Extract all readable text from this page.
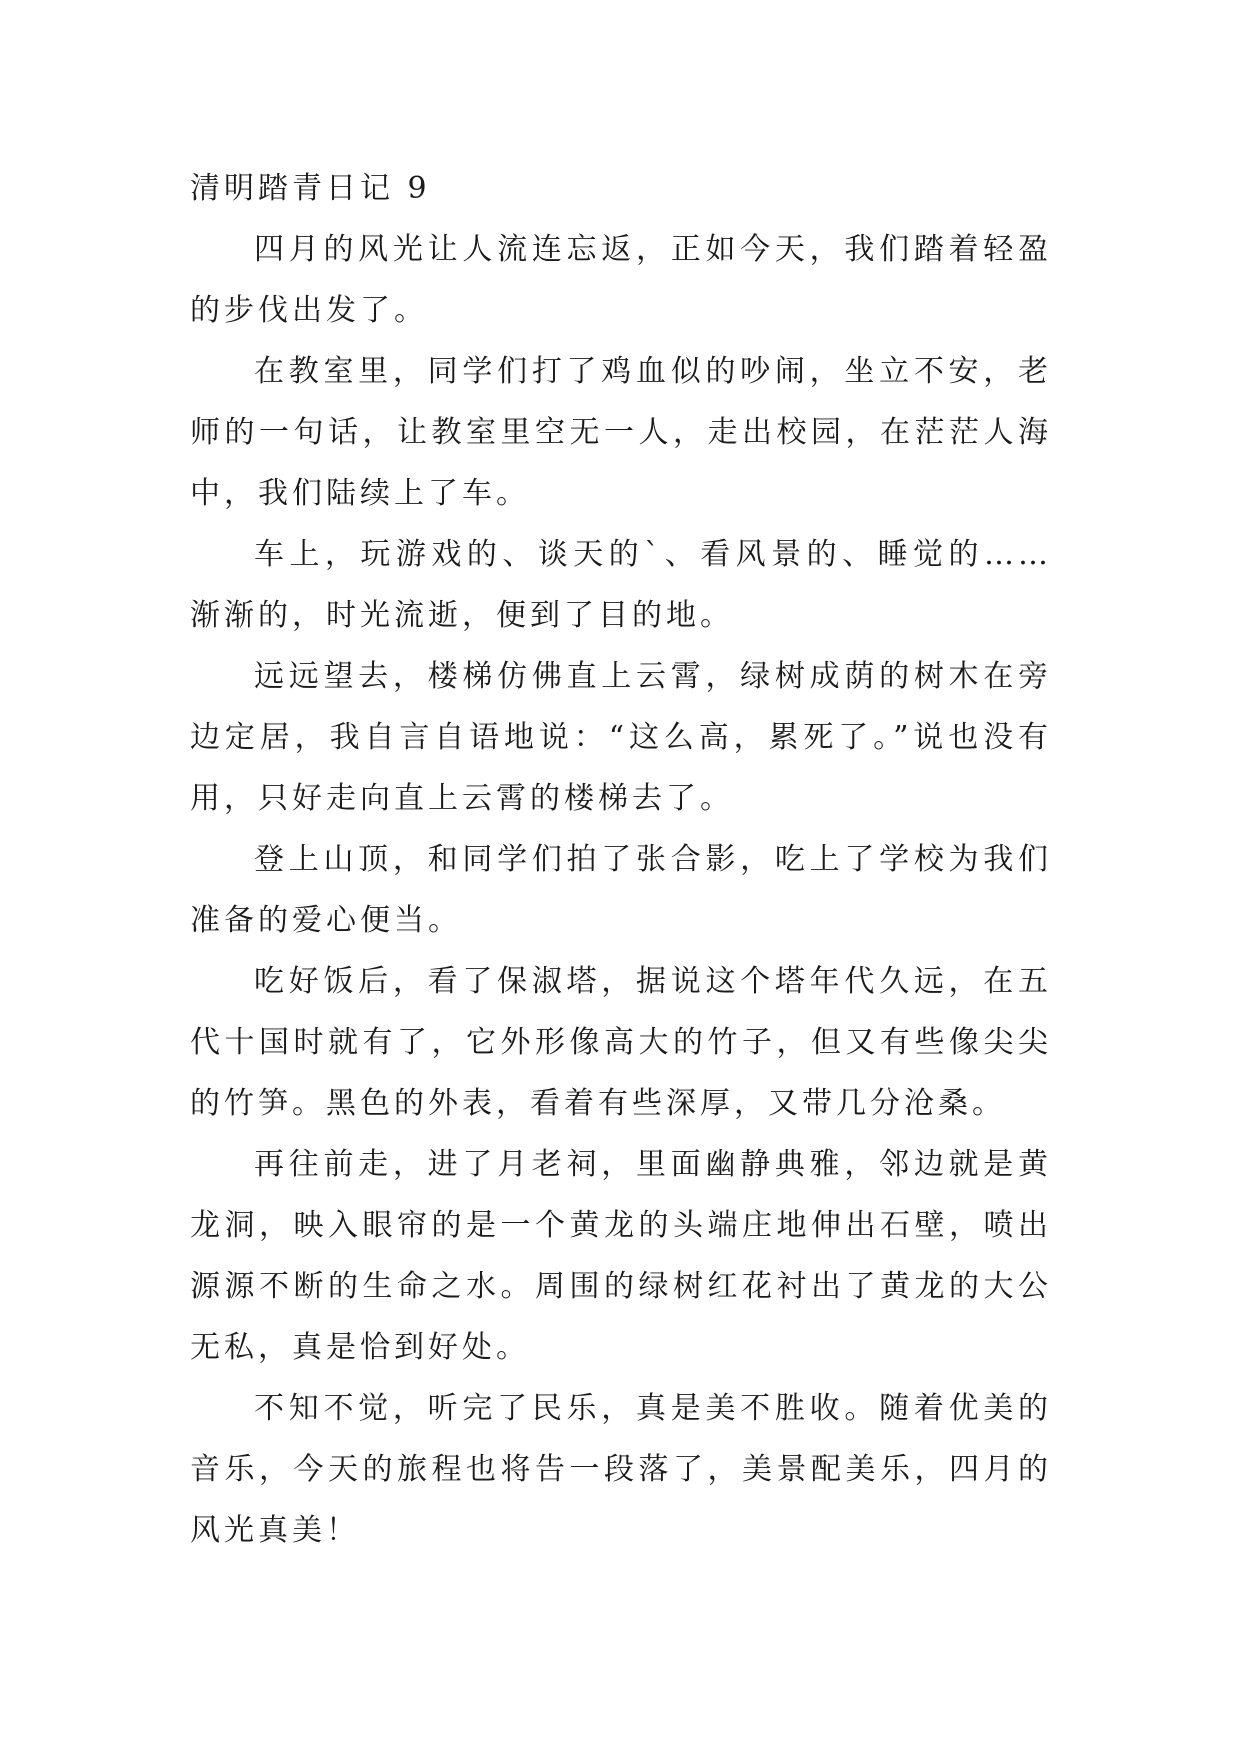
清明踏青日记 9

四月的风光让人流连忘返，正如今天，我们踏着轻盈的步伐出发了。

在教室里，同学们打了鸡血似的吵闹，坐立不安，老师的一句话，让教室里空无一人，走出校园，在茫茫人海中，我们陆续上了车。

车上，玩游戏的、谈天的`、看风景的、睡觉的……渐渐的，时光流逝，便到了目的地。

远远望去，楼梯仿佛直上云霄，绿树成荫的树木在旁边定居，我自言自语地说：“这么高，累死了。”说也没有用，只好走向直上云霄的楼梯去了。

登上山顶，和同学们拍了张合影，吃上了学校为我们准备的爱心便当。

吃好饭后，看了保淑塔，据说这个塔年代久远，在五代十国时就有了，它外形像高大的竹子，但又有些像尖尖的竹笋。黑色的外表，看着有些深厚，又带几分沧桑。

再往前走，进了月老祠，里面幽静典雅，邻边就是黄龙洞，映入眼帘的是一个黄龙的头端庄地伸出石壁，喷出源源不断的生命之水。周围的绿树红花衬出了黄龙的大公无私，真是恰到好处。

不知不觉，听完了民乐，真是美不胜收。随着优美的音乐，今天的旅程也将告一段落了，美景配美乐，四月的风光真美！
